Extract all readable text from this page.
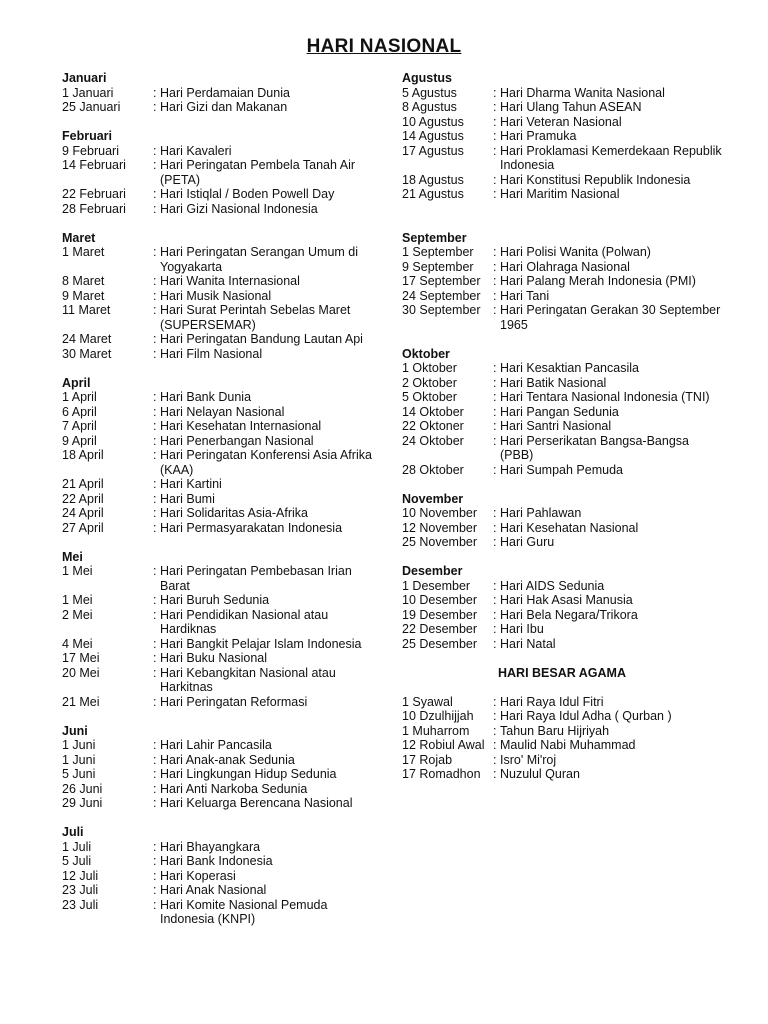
HARI NASIONAL
Januari
1 Januari	: Hari Perdamaian Dunia
25 Januari	: Hari Gizi dan Makanan
Februari
9 Februari	: Hari Kavaleri
14 Februari	: Hari Peringatan Pembela Tanah Air (PETA)
22 Februari	: Hari Istiqlal / Boden Powell Day
28 Februari	: Hari Gizi Nasional Indonesia
Maret
1 Maret	: Hari Peringatan Serangan Umum di Yogyakarta
8 Maret	: Hari Wanita Internasional
9 Maret	: Hari Musik Nasional
11 Maret	: Hari Surat Perintah Sebelas Maret (SUPERSEMAR)
24 Maret	: Hari Peringatan Bandung Lautan Api
30 Maret	: Hari Film Nasional
April
1 April	: Hari Bank Dunia
6 April	: Hari Nelayan Nasional
7 April	: Hari Kesehatan Internasional
9 April	: Hari Penerbangan Nasional
18 April	: Hari Peringatan Konferensi Asia Afrika (KAA)
21 April	: Hari Kartini
22 April	: Hari Bumi
24 April	: Hari Solidaritas Asia-Afrika
27 April	: Hari Permasyarakatan Indonesia
Mei
1 Mei	: Hari Peringatan Pembebasan Irian Barat
1 Mei	: Hari Buruh Sedunia
2 Mei	: Hari Pendidikan Nasional atau Hardiknas
4 Mei	: Hari Bangkit Pelajar Islam Indonesia
17 Mei	: Hari Buku Nasional
20 Mei	: Hari Kebangkitan Nasional atau Harkitnas
21 Mei	: Hari Peringatan Reformasi
Juni
1 Juni	: Hari Lahir Pancasila
1 Juni	: Hari Anak-anak Sedunia
5 Juni	: Hari Lingkungan Hidup Sedunia
26 Juni	: Hari Anti Narkoba Sedunia
29 Juni	: Hari Keluarga Berencana Nasional
Juli
1 Juli	: Hari Bhayangkara
5 Juli	: Hari Bank Indonesia
12 Juli	: Hari Koperasi
23 Juli	: Hari Anak Nasional
23 Juli	: Hari Komite Nasional Pemuda Indonesia (KNPI)
Agustus
5 Agustus	: Hari Dharma Wanita Nasional
8 Agustus	: Hari Ulang Tahun ASEAN
10 Agustus	: Hari Veteran Nasional
14 Agustus	: Hari Pramuka
17 Agustus	: Hari Proklamasi Kemerdekaan Republik Indonesia
18 Agustus	: Hari Konstitusi Republik Indonesia
21 Agustus	: Hari Maritim Nasional
September
1 September	: Hari Polisi Wanita (Polwan)
9 September	: Hari Olahraga Nasional
17 September : Hari Palang Merah Indonesia (PMI)
24 September : Hari Tani
30 September : Hari Peringatan Gerakan 30 September 1965
Oktober
1 Oktober	: Hari Kesaktian Pancasila
2 Oktober	: Hari Batik Nasional
5 Oktober	: Hari Tentara Nasional Indonesia (TNI)
14 Oktober	: Hari Pangan Sedunia
22 Oktoner	: Hari Santri Nasional
24 Oktober	: Hari Perserikatan Bangsa-Bangsa (PBB)
28 Oktober	: Hari Sumpah Pemuda
November
10 November	: Hari Pahlawan
12 November	: Hari Kesehatan Nasional
25 November	: Hari Guru
Desember
1 Desember	: Hari AIDS Sedunia
10 Desember	: Hari Hak Asasi Manusia
19 Desember	: Hari Bela Negara/Trikora
22 Desember	: Hari Ibu
25 Desember	: Hari Natal
HARI BESAR AGAMA
1 Syawal	: Hari Raya Idul Fitri
10 Dzulhijjah	: Hari Raya Idul Adha ( Qurban )
1 Muharrom	: Tahun Baru Hijriyah
12 Robiul Awal : Maulid Nabi Muhammad
17 Rojab	: Isro' Mi'roj
17 Romadhon : Nuzulul Quran
